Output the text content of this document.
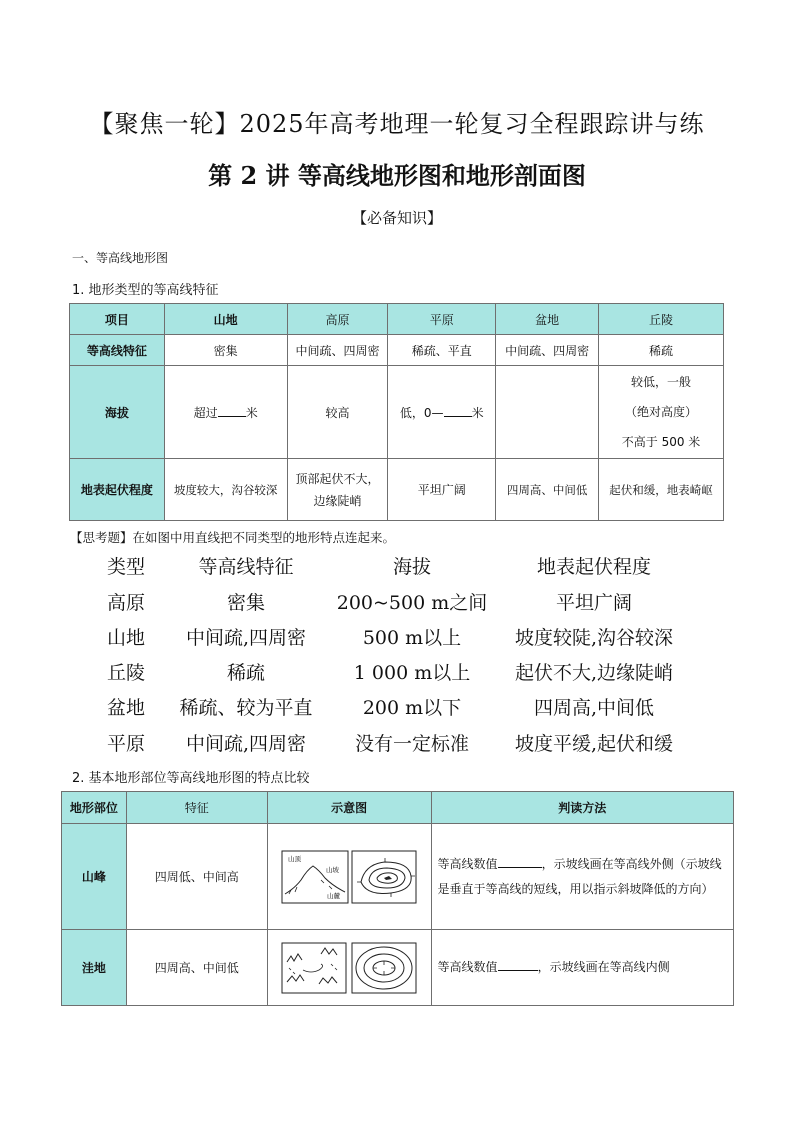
【聚焦一轮】2025年高考地理一轮复习全程跟踪讲与练
第 2 讲 等高线地形图和地形剖面图
【必备知识】
一、等高线地形图
1. 地形类型的等高线特征
项目	山地	高原	平原	盆地	丘陵
等高线特征	密集	中间疏、四周密	稀疏、平直	中间疏、四周密	稀疏
海拔	超过 米	较高	低，0— 米		较低，一般
（绝对高度）
不高于 500 米

地表起伏程度	坡度较大，沟谷较深	顶部起伏不大，
边缘陡峭	平坦广阔	四周高、中间低	起伏和缓，地表崎岖
【思考题】在如图中用直线把不同类型的地形特点连起来。
类型	等高线特征	海拔	地表起伏程度
高原	密集	200~500 m之间	平坦广阔
山地 中间疏,四周密	500 m以上	坡度较陡,沟谷较深
丘陵	稀疏	1 000 m以上 起伏不大,边缘陡峭
盆地 稀疏、较为平直	200 m以下	四周高,中间低
平原 中间疏,四周密	没有一定标准 坡度平缓,起伏和缓
2. 基本地形部位等高线地形图的特点比较
地形部位	特征	示意图	判读方法
山峰	四周低、中间高	山顶
山坡
山麓	等高线数值 ，示坡线画在等高线外侧（示坡线是垂直于等高线的短线，用以指示斜坡降低的方向）
洼地	四周高、中间低		等高线数值 ，示坡线画在等高线内侧
